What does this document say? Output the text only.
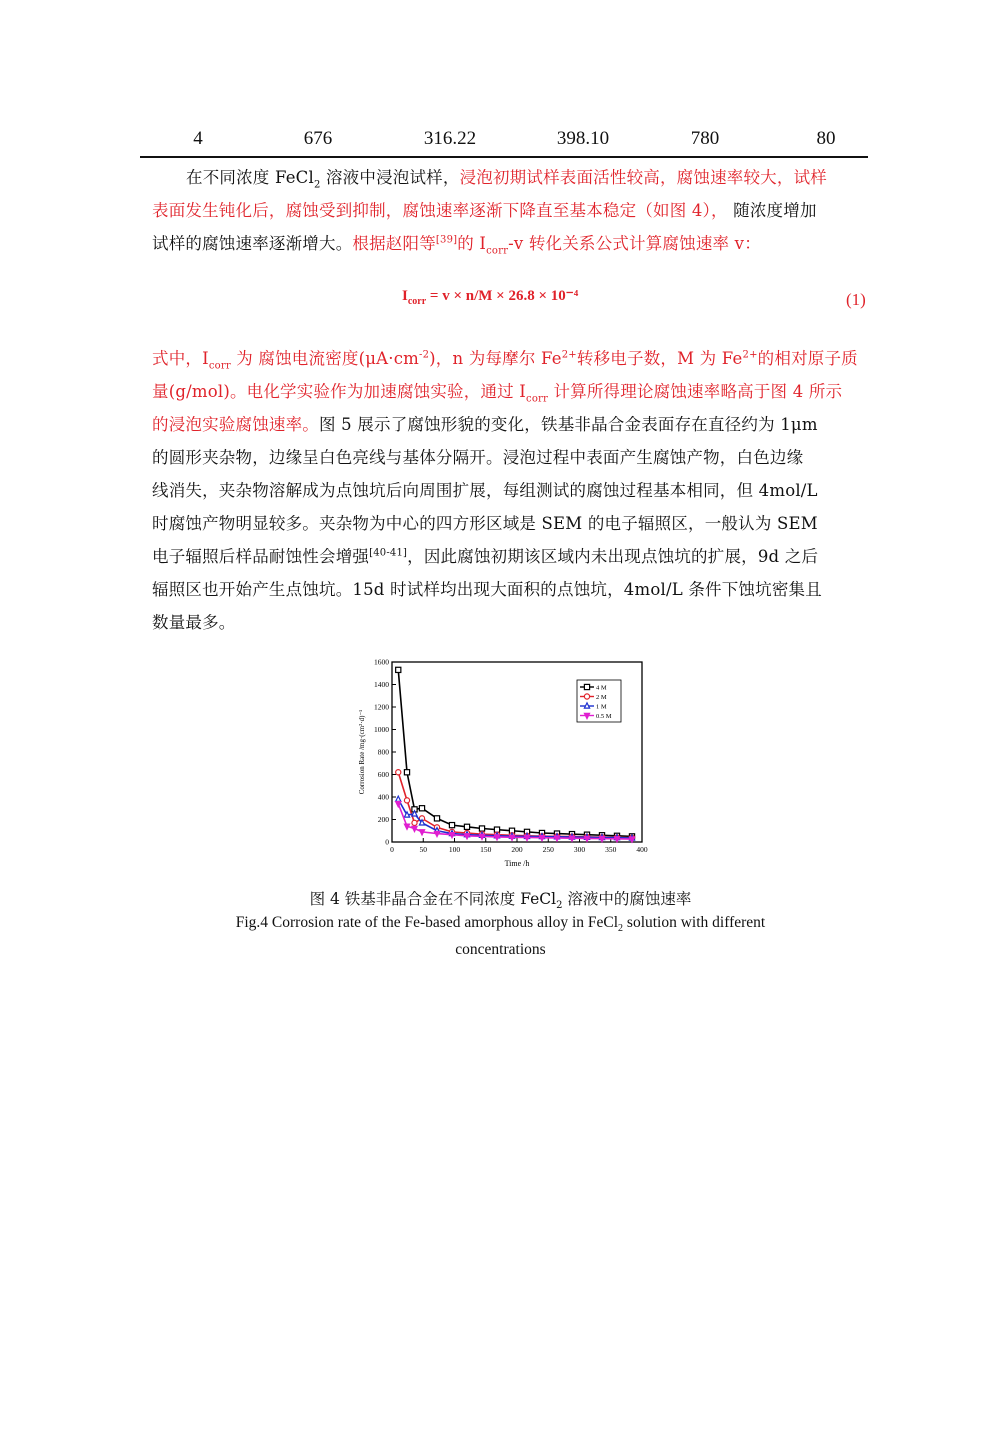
4	676	316.22	398.10	780	80
在不同浓度 FeCl$_2$ 溶液中浸泡试样，浸泡初期试样表面活性较高，腐蚀速率较大，试样
表面发生钝化后，腐蚀受到抑制，腐蚀速率逐渐下降直至基本稳定（如图 4）， 随浓度增加
试样的腐蚀速率逐渐增大。根据赵阳等[39]的 $I_{corr}-v$ 转化关系公式计算腐蚀速率 v：
$I_{corr} = v \times n/M \times 26.8 \times 10^{-4}$	(1)
式中，$I_{corr}$ 为 腐蚀电流密度$(\mu A\cdot cm^{-2})$，n 为每摩尔 $Fe^{2+}$转移电子数，M 为 $Fe^{2+}$的相对原子质
量(g/mol)。电化学实验作为加速腐蚀实验，通过 $I_{corr}$ 计算所得理论腐蚀速率略高于图 4 所示
的浸泡实验腐蚀速率。图 5 展示了腐蚀形貌的变化，铁基非晶合金表面存在直径约为 1μm
的圆形夹杂物，边缘呈白色亮线与基体分隔开。浸泡过程中表面产生腐蚀产物，白色边缘
线消失，夹杂物溶解成为点蚀坑后向周围扩展，每组测试的腐蚀过程基本相同，但 4mol/L
时腐蚀产物明显较多。夹杂物为中心的四方形区域是 SEM 的电子辐照区，一般认为 SEM
电子辐照后样品耐蚀性会增强[40-41]，因此腐蚀初期该区域内未出现点蚀坑的扩展，9d 之后
辐照区也开始产生点蚀坑。15d 时试样均出现大面积的点蚀坑，4mol/L 条件下蚀坑密集且
数量最多。
0	50	100	150	200	250	300	350	400
0
200
400
600
800
1000
1200
1400
1600
4 M
2 M
1 M
0.5 M
Time /h
Corrosion Rate /mg·(cm²·d)⁻¹
图 4 铁基非晶合金在不同浓度 FeCl$_2$ 溶液中的腐蚀速率
Fig.4 Corrosion rate of the Fe-based amorphous alloy in FeCl$_2$ solution with different
concentrations
